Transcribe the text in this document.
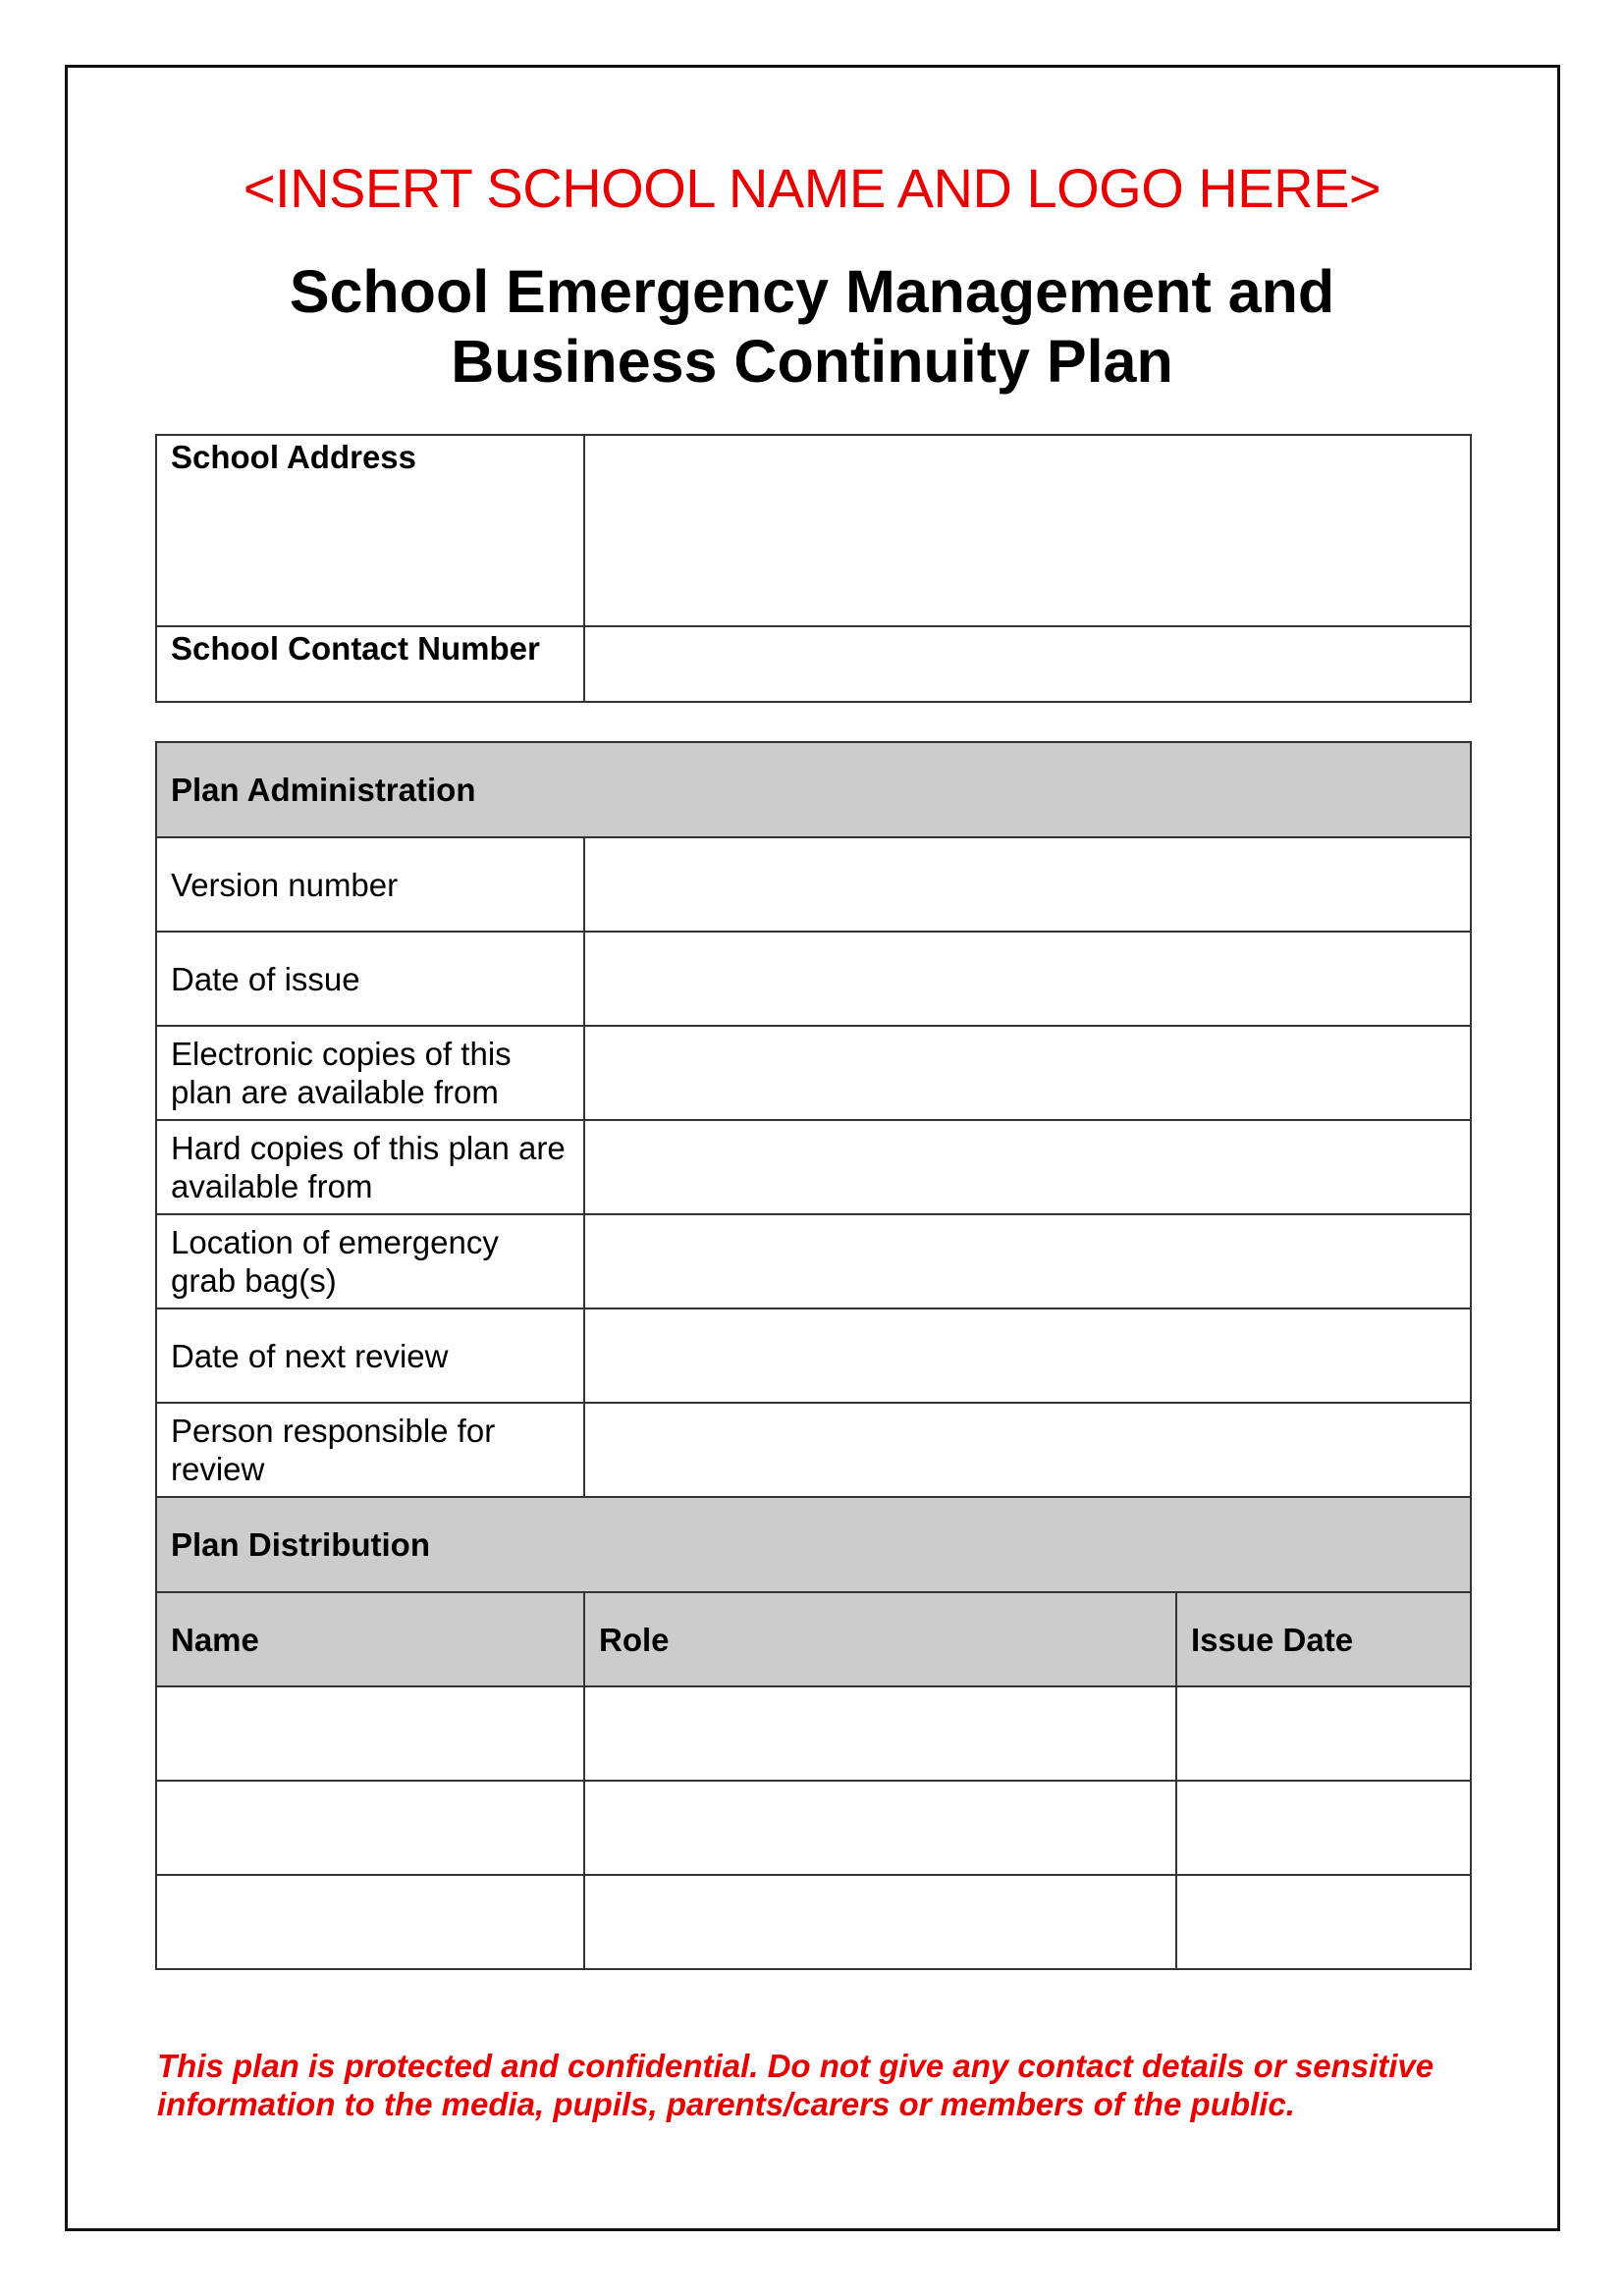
<INSERT SCHOOL NAME AND LOGO HERE>
School Emergency Management and
Business Continuity Plan
School Address	
School Contact Number	
Plan Administration		
Version number		
Date of issue		
Electronic copies of this plan are available from		
Hard copies of this plan are available from		
Location of emergency grab bag(s)		
Date of next review		
Person responsible for review		
Plan Distribution		
Name	Role	Issue Date

This plan is protected and confidential. Do not give any contact details or sensitive information to the media, pupils, parents/carers or members of the public.
